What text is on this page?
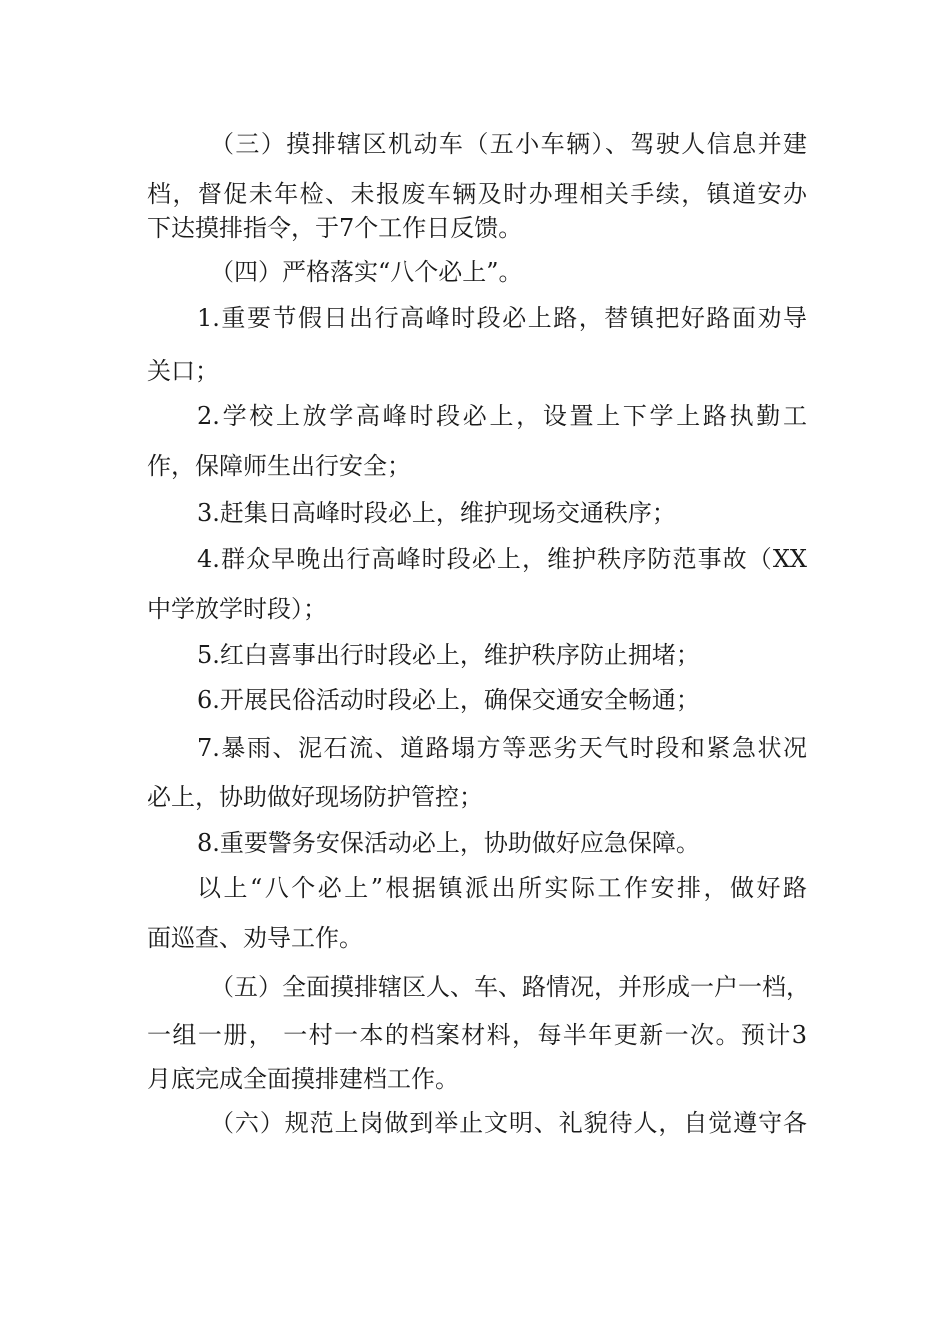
（三）摸排辖区机动车（五小车辆）、驾驶人信息并建
档，督促未年检、未报废车辆及时办理相关手续，镇道安办
下达摸排指令，于7个工作日反馈。
（四）严格落实“八个必上”。
1.重要节假日出行高峰时段必上路，替镇把好路面劝导
关口；
2.学校上放学高峰时段必上，设置上下学上路执勤工
作，保障师生出行安全；
3.赶集日高峰时段必上，维护现场交通秩序；
4.群众早晚出行高峰时段必上，维护秩序防范事故（XX
中学放学时段）；
5.红白喜事出行时段必上，维护秩序防止拥堵；
6.开展民俗活动时段必上，确保交通安全畅通；
7.暴雨、泥石流、道路塌方等恶劣天气时段和紧急状况
必上，协助做好现场防护管控；
8.重要警务安保活动必上，协助做好应急保障。
以上“八个必上”根据镇派出所实际工作安排，做好路
面巡查、劝导工作。
（五）全面摸排辖区人、车、路情况，并形成一户一档，
一组一册， 一村一本的档案材料，每半年更新一次。预计3
月底完成全面摸排建档工作。
（六）规范上岗做到举止文明、礼貌待人，自觉遵守各
